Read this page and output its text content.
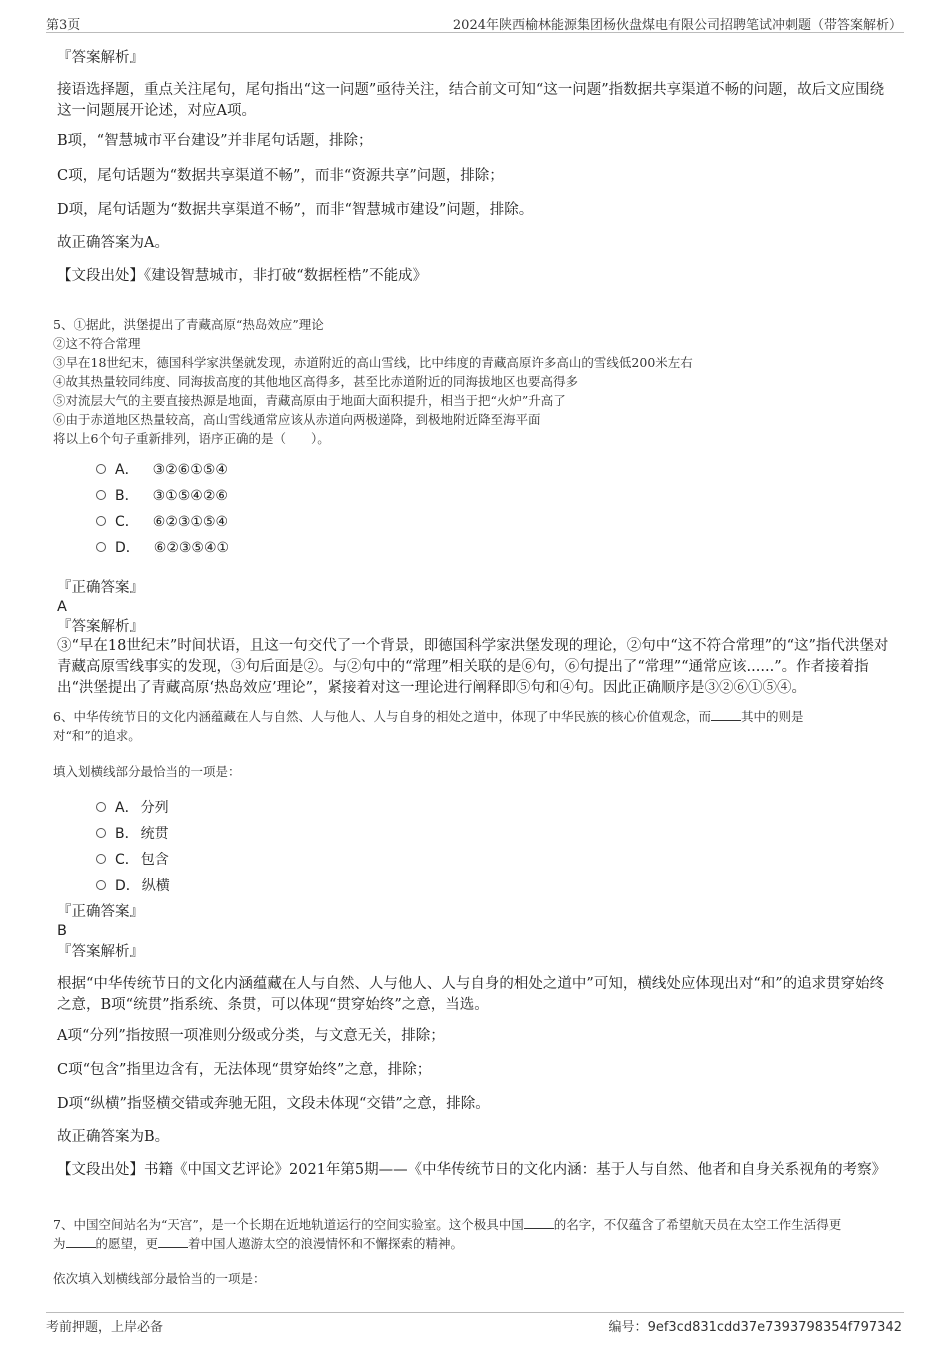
第3页	2024年陕西榆林能源集团杨伙盘煤电有限公司招聘笔试冲刺题（带答案解析）
『答案解析』
接语选择题，重点关注尾句，尾句指出“这一问题”亟待关注，结合前文可知“这一问题”指数据共享渠道不畅的问题，故后文应围绕这一问题展开论述，对应A项。
B项，“智慧城市平台建设”并非尾句话题，排除；
C项，尾句话题为“数据共享渠道不畅”，而非“资源共享”问题，排除；
D项，尾句话题为“数据共享渠道不畅”，而非“智慧城市建设”问题，排除。
故正确答案为A。
【文段出处】《建设智慧城市，非打破“数据桎梏”不能成》
5、①据此，洪堡提出了青藏高原“热岛效应”理论
②这不符合常理
③早在18世纪末，德国科学家洪堡就发现，赤道附近的高山雪线，比中纬度的青藏高原许多高山的雪线低200米左右
④故其热量较同纬度、同海拔高度的其他地区高得多，甚至比赤道附近的同海拔地区也要高得多
⑤对流层大气的主要直接热源是地面，青藏高原由于地面大面积提升，相当于把“火炉”升高了
⑥由于赤道地区热量较高，高山雪线通常应该从赤道向两极递降，到极地附近降至海平面
将以上6个句子重新排列，语序正确的是（　　）。
A． ③②⑥①⑤④
B． ③①⑤④②⑥
C． ⑥②③①⑤④
D． ⑥②③⑤④①
『正确答案』
A
『答案解析』
③“早在18世纪末”时间状语，且这一句交代了一个背景，即德国科学家洪堡发现的理论，②句中“这不符合常理”的“这”指代洪堡对青藏高原雪线事实的发现，③句后面是②。与②句中的“常理”相关联的是⑥句，⑥句提出了“常理”“通常应该......”。作者接着指出“洪堡提出了青藏高原‘热岛效应’理论”，紧接着对这一理论进行阐释即⑤句和④句。因此正确顺序是③②⑥①⑤④。
6、中华传统节日的文化内涵蕴藏在人与自然、人与他人、人与自身的相处之道中，体现了中华民族的核心价值观念，而 其中的则是
对“和”的追求。
填入划横线部分最恰当的一项是：
A． 分列
B． 统贯
C． 包含
D． 纵横
『正确答案』
B
『答案解析』
根据“中华传统节日的文化内涵蕴藏在人与自然、人与他人、人与自身的相处之道中”可知，横线处应体现出对“和”的追求贯穿始终之意，B项“统贯”指系统、条贯，可以体现“贯穿始终”之意，当选。
A项“分列”指按照一项准则分级或分类，与文意无关，排除；
C项“包含”指里边含有，无法体现“贯穿始终”之意，排除；
D项“纵横”指竖横交错或奔驰无阻，文段未体现“交错”之意，排除。
故正确答案为B。
【文段出处】书籍《中国文艺评论》2021年第5期——《中华传统节日的文化内涵：基于人与自然、他者和自身关系视角的考察》
7、中国空间站名为“天宫”，是一个长期在近地轨道运行的空间实验室。这个极具中国 的名字，不仅蕴含了希望航天员在太空工作生活得更
为 的愿望，更 着中国人遨游太空的浪漫情怀和不懈探索的精神。
依次填入划横线部分最恰当的一项是：
考前押题，上岸必备	编号：9ef3cd831cdd37e7393798354f797342
